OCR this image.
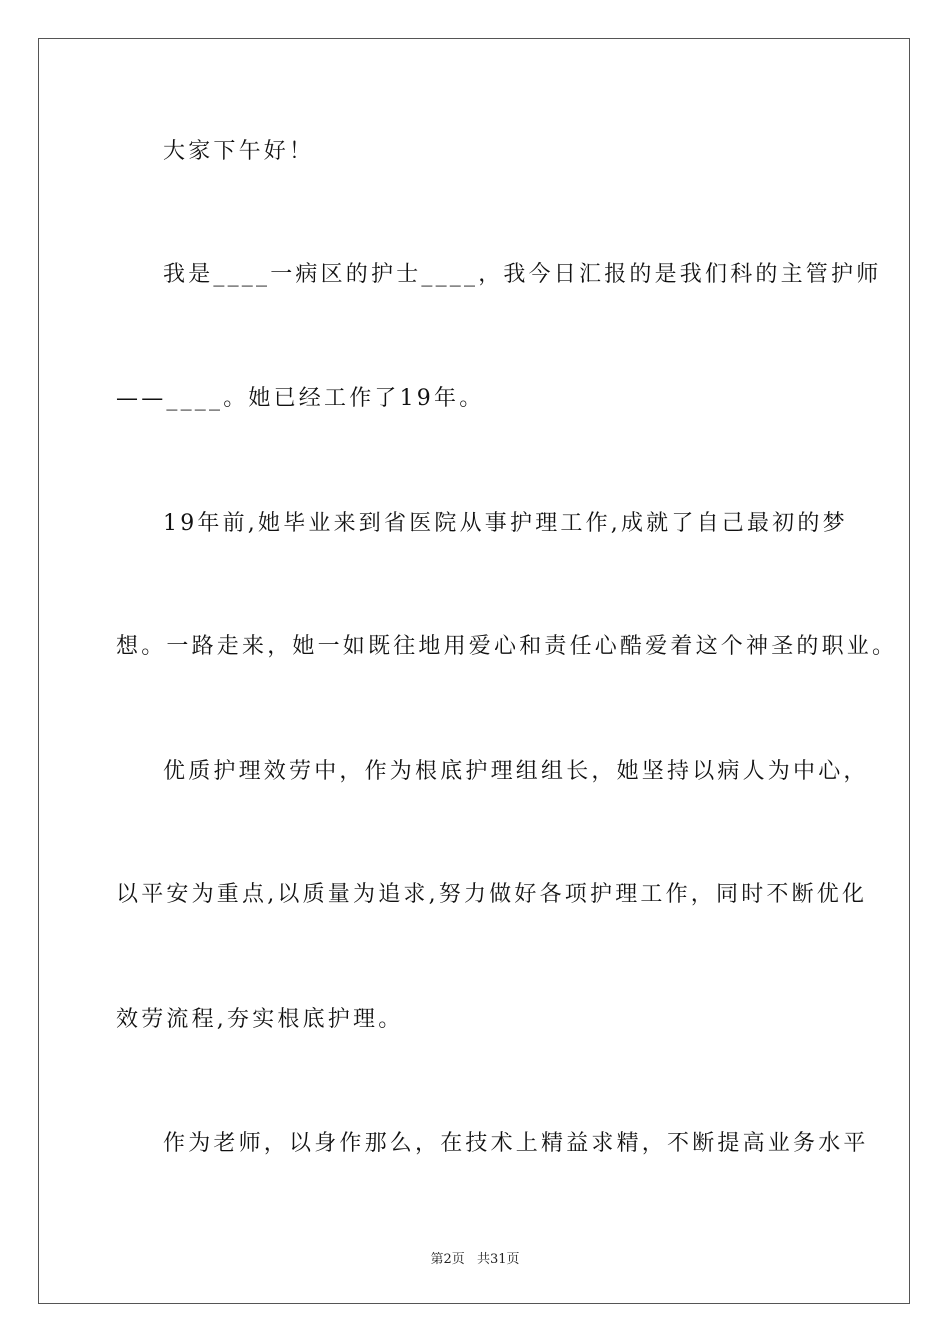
大家下午好！
我是____一病区的护士____，我今日汇报的是我们科的主管护师
——____。她已经工作了19年。
19年前,她毕业来到省医院从事护理工作,成就了自己最初的梦
想。一路走来，她一如既往地用爱心和责任心酷爱着这个神圣的职业。
优质护理效劳中，作为根底护理组组长，她坚持以病人为中心，
以平安为重点,以质量为追求,努力做好各项护理工作，同时不断优化
效劳流程,夯实根底护理。
作为老师，以身作那么，在技术上精益求精，不断提高业务水平
第2页 共31页
